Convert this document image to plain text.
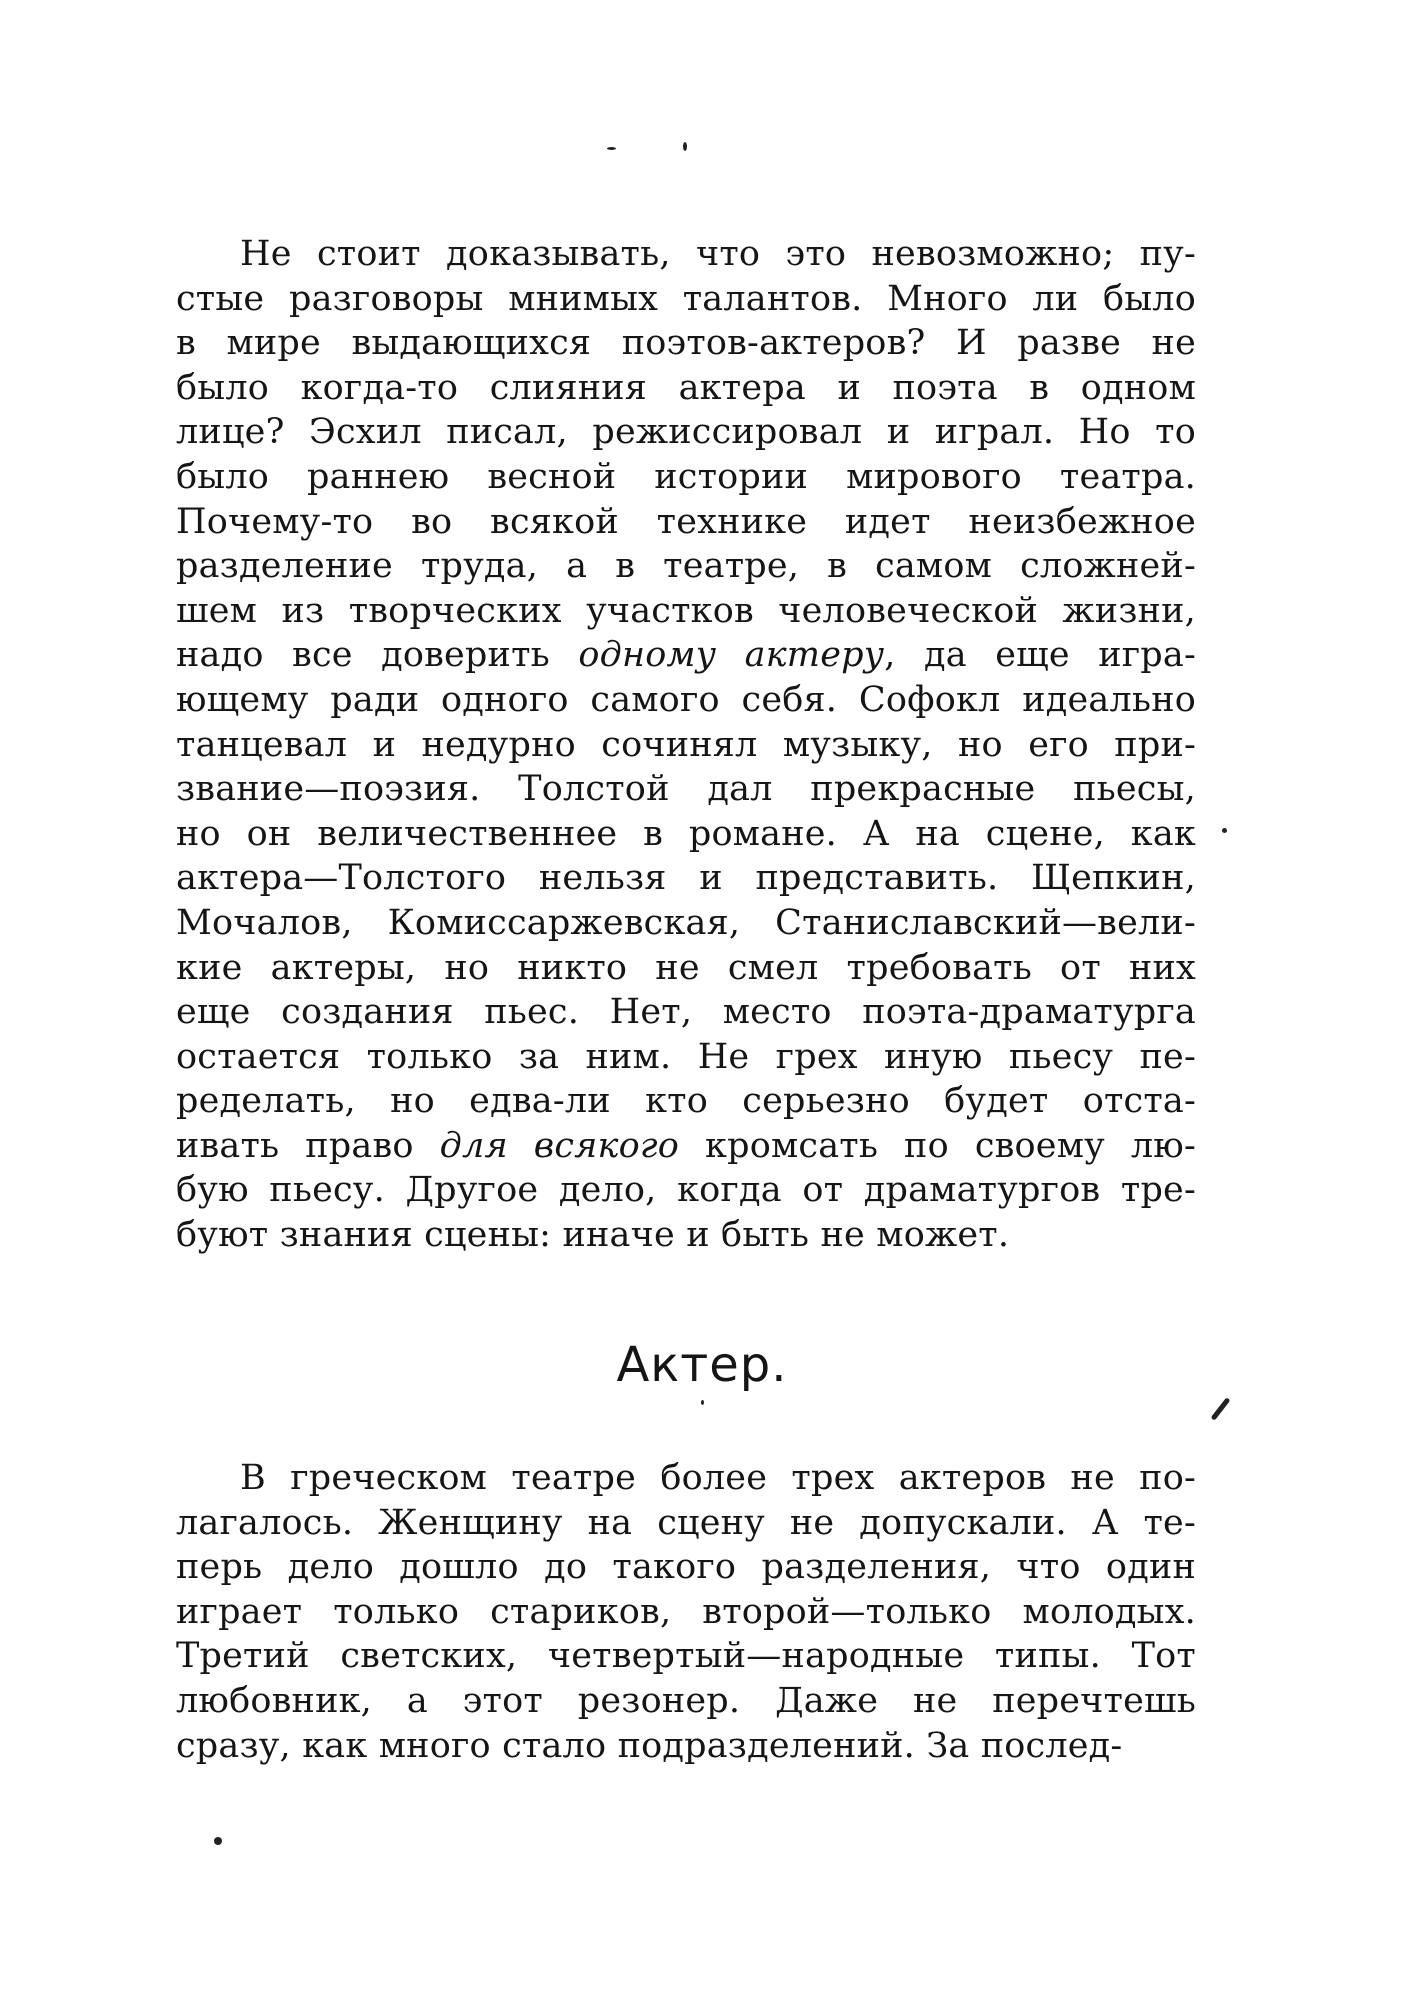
Не стоит доказывать, что это невозможно; пу-
стые разговоры мнимых талантов. Много ли было
в мире выдающихся поэтов-актеров? И разве не
было когда-то слияния актера и поэта в одном
лице? Эсхил писал, режиссировал и играл. Но то
было раннею весной истории мирового театра.
Почему-то во всякой технике идет неизбежное
разделение труда, а в театре, в самом сложней-
шем из творческих участков человеческой жизни,
надо все доверить одному актеру, да еще игра-
ющему ради одного самого себя. Софокл идеально
танцевал и недурно сочинял музыку, но его при-
звание—поэзия. Толстой дал прекрасные пьесы,
но он величественнее в романе. А на сцене, как
актера—Толстого нельзя и представить. Щепкин,
Мочалов, Комиссаржевская, Станиславский—вели-
кие актеры, но никто не смел требовать от них
еще создания пьес. Нет, место поэта-драматурга
остается только за ним. Не грех иную пьесу пе-
ределать, но едва-ли кто серьезно будет отста-
ивать право для всякого кромсать по своему лю-
бую пьесу. Другое дело, когда от драматургов тре-
буют знания сцены: иначе и быть не может.
Актер.
В греческом театре более трех актеров не по-
лагалось. Женщину на сцену не допускали. А те-
перь дело дошло до такого разделения, что один
играет только стариков, второй—только молодых.
Третий светских, четвертый—народные типы. Тот
любовник, а этот резонер. Даже не перечтешь
сразу, как много стало подразделений. За послед-
